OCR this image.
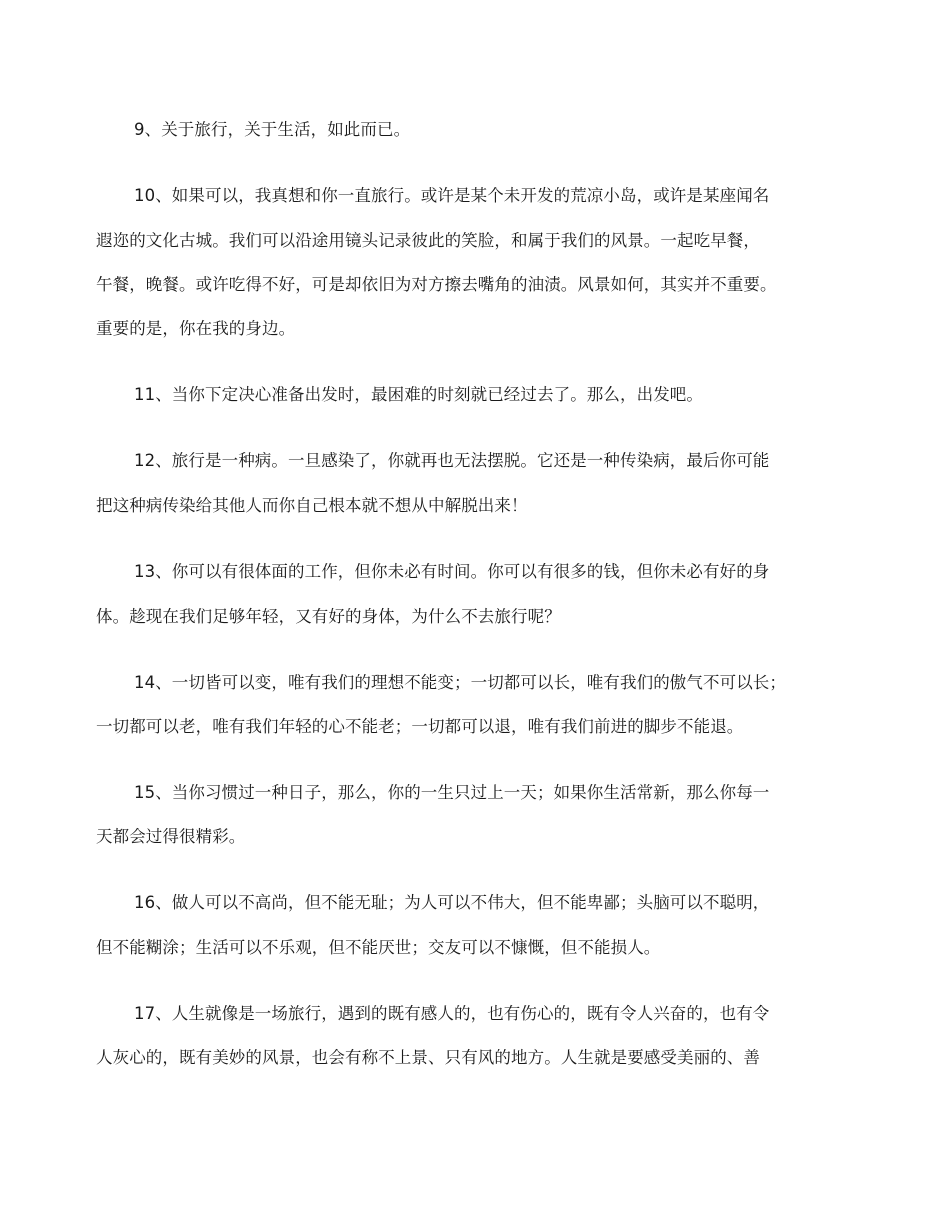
9、关于旅行，关于生活，如此而已。
10、如果可以，我真想和你一直旅行。或许是某个未开发的荒凉小岛，或许是某座闻名
遐迩的文化古城。我们可以沿途用镜头记录彼此的笑脸，和属于我们的风景。一起吃早餐，
午餐，晚餐。或许吃得不好，可是却依旧为对方擦去嘴角的油渍。风景如何，其实并不重要。
重要的是，你在我的身边。
11、当你下定决心准备出发时，最困难的时刻就已经过去了。那么，出发吧。
12、旅行是一种病。一旦感染了，你就再也无法摆脱。它还是一种传染病，最后你可能
把这种病传染给其他人而你自己根本就不想从中解脱出来！
13、你可以有很体面的工作，但你未必有时间。你可以有很多的钱，但你未必有好的身
体。趁现在我们足够年轻，又有好的身体，为什么不去旅行呢？
14、一切皆可以变，唯有我们的理想不能变；一切都可以长，唯有我们的傲气不可以长；
一切都可以老，唯有我们年轻的心不能老；一切都可以退，唯有我们前进的脚步不能退。
15、当你习惯过一种日子，那么，你的一生只过上一天；如果你生活常新，那么你每一
天都会过得很精彩。
16、做人可以不高尚，但不能无耻；为人可以不伟大，但不能卑鄙；头脑可以不聪明，
但不能糊涂；生活可以不乐观，但不能厌世；交友可以不慷慨，但不能损人。
17、人生就像是一场旅行，遇到的既有感人的，也有伤心的，既有令人兴奋的，也有令
人灰心的，既有美妙的风景，也会有称不上景、只有风的地方。人生就是要感受美丽的、善
